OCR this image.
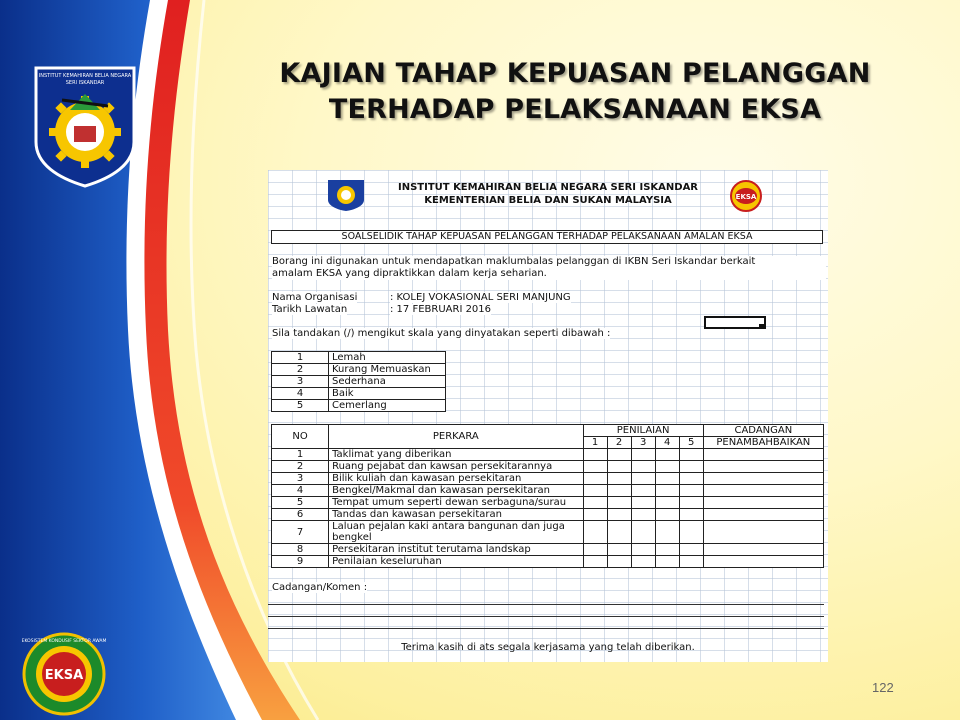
INSTITUT KEMAHIRAN BELIA NEGARA
SERI ISKANDAR
EKSA
EKOSISTEM KONDUSIF SEKTOR AWAM
KAJIAN TAHAP KEPUASAN PELANGGAN
TERHADAP PELAKSANAAN EKSA
INSTITUT KEMAHIRAN BELIA NEGARA SERI ISKANDAR
KEMENTERIAN BELIA DAN SUKAN MALAYSIA	EKSA
SOALSELIDIK TAHAP KEPUASAN PELANGGAN TERHADAP PELAKSANAAN AMALAN EKSA
Borang ini digunakan untuk mendapatkan maklumbalas pelanggan di IKBN Seri Iskandar berkait
amalam EKSA yang dipraktikkan dalam kerja seharian.
Nama Organisasi	: KOLEJ VOKASIONAL SERI MANJUNG
Tarikh Lawatan	: 17 FEBRUARI 2016
Sila tandakan (/) mengikut skala yang dinyatakan seperti dibawah :
1	Lemah
2	Kurang Memuaskan
3	Sederhana
4	Baik
5	Cemerlang
NO	PERKARA	PENILAIAN					CADANGAN
		1	2	3	4	5	PENAMBAHBAIKAN
1	Taklimat yang diberikan						
2	Ruang pejabat dan kawsan persekitarannya						
3	Bilik kuliah dan kawasan persekitaran						
4	Bengkel/Makmal dan kawasan persekitaran						
5	Tempat umum seperti dewan serbaguna/surau						
6	Tandas dan kawasan persekitaran						
7	Laluan pejalan kaki antara bangunan dan juga bengkel						
8	Persekitaran institut terutama landskap						
9	Penilaian keseluruhan						
Cadangan/Komen :
Terima kasih di ats segala kerjasama yang telah diberikan.
122
